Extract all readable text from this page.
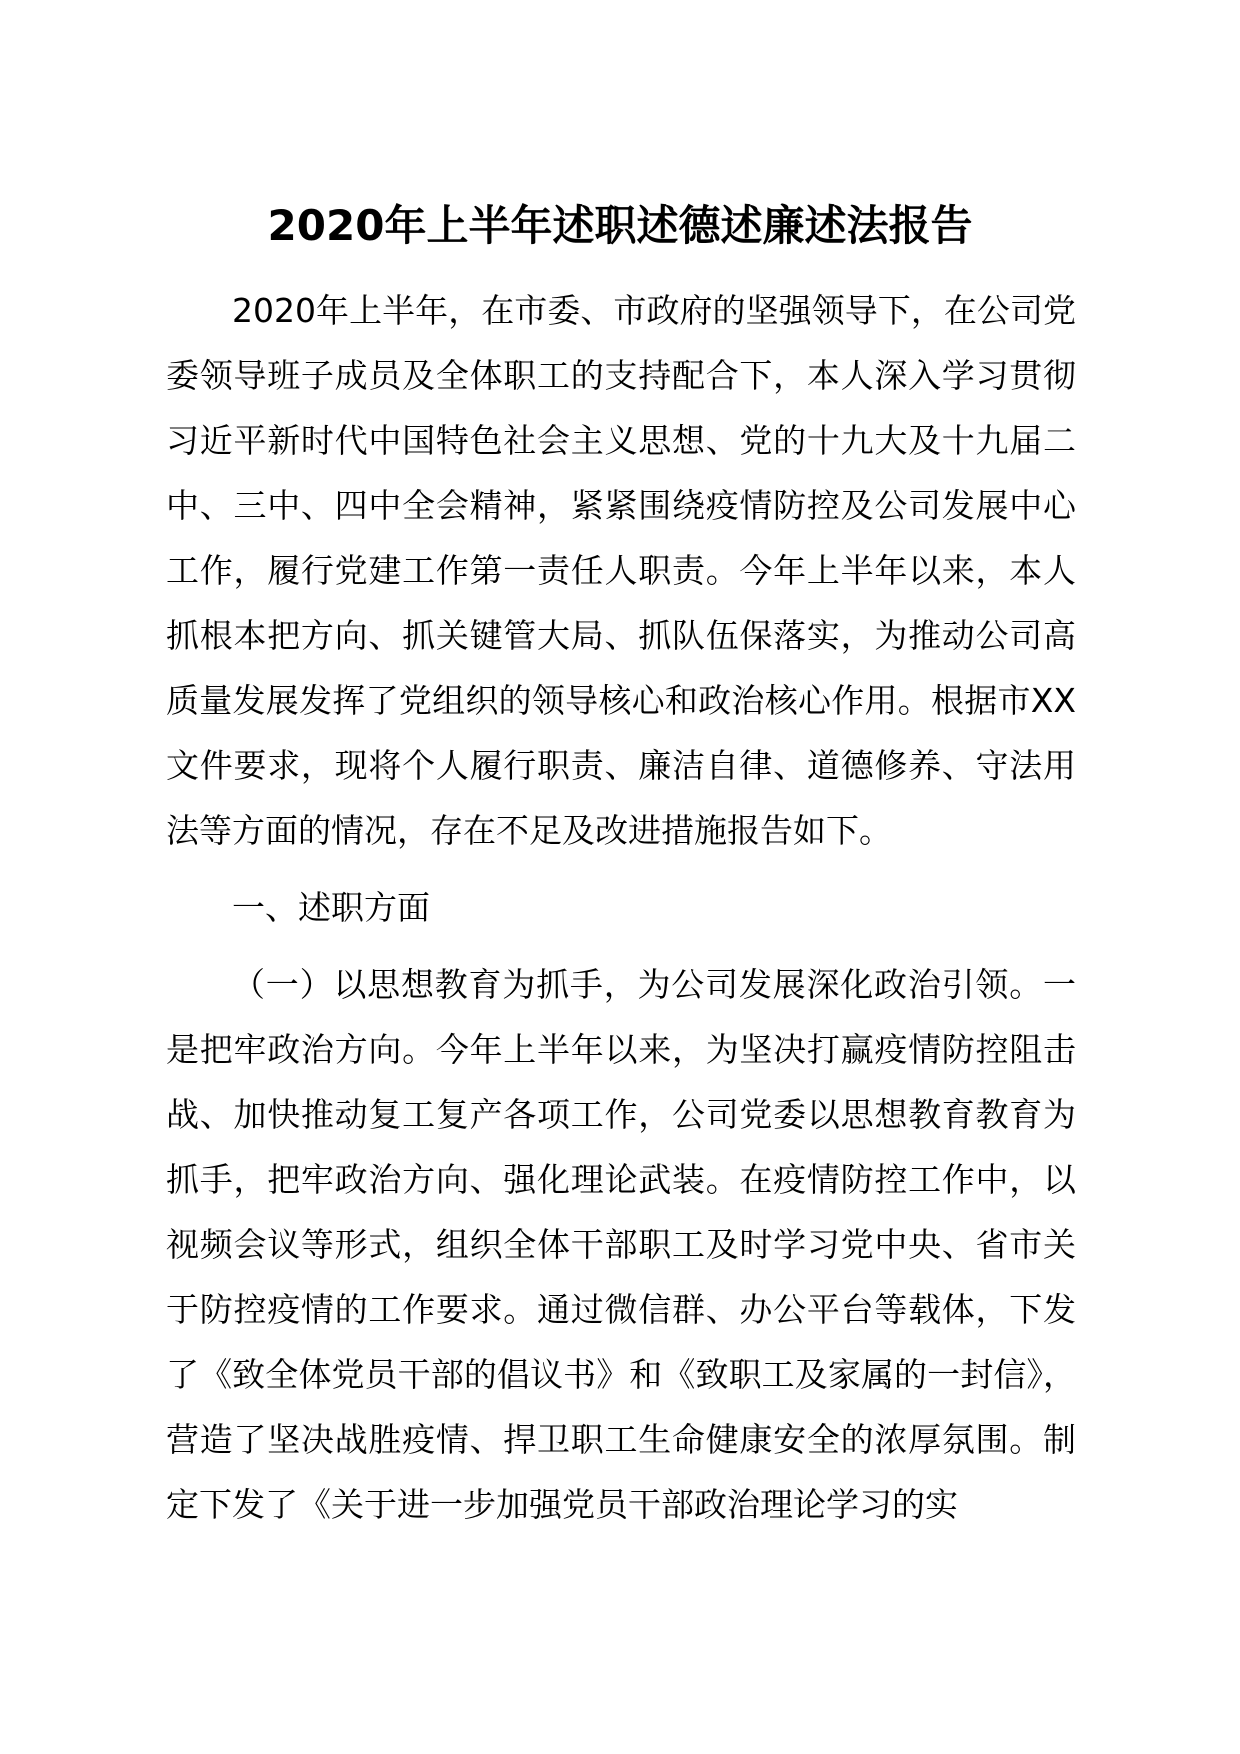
2020年上半年述职述德述廉述法报告

2020年上半年，在市委、市政府的坚强领导下，在公司党委领导班子成员及全体职工的支持配合下，本人深入学习贯彻习近平新时代中国特色社会主义思想、党的十九大及十九届二中、三中、四中全会精神，紧紧围绕疫情防控及公司发展中心工作，履行党建工作第一责任人职责。今年上半年以来，本人抓根本把方向、抓关键管大局、抓队伍保落实，为推动公司高质量发展发挥了党组织的领导核心和政治核心作用。根据市XX文件要求，现将个人履行职责、廉洁自律、道德修养、守法用法等方面的情况，存在不足及改进措施报告如下。

一、述职方面

（一）以思想教育为抓手，为公司发展深化政治引领。一是把牢政治方向。今年上半年以来，为坚决打赢疫情防控阻击战、加快推动复工复产各项工作，公司党委以思想教育教育为抓手，把牢政治方向、强化理论武装。在疫情防控工作中，以视频会议等形式，组织全体干部职工及时学习党中央、省市关于防控疫情的工作要求。通过微信群、办公平台等载体，下发了《致全体党员干部的倡议书》和《致职工及家属的一封信》，营造了坚决战胜疫情、捍卫职工生命健康安全的浓厚氛围。制定下发了《关于进一步加强党员干部政治理论学习的实
